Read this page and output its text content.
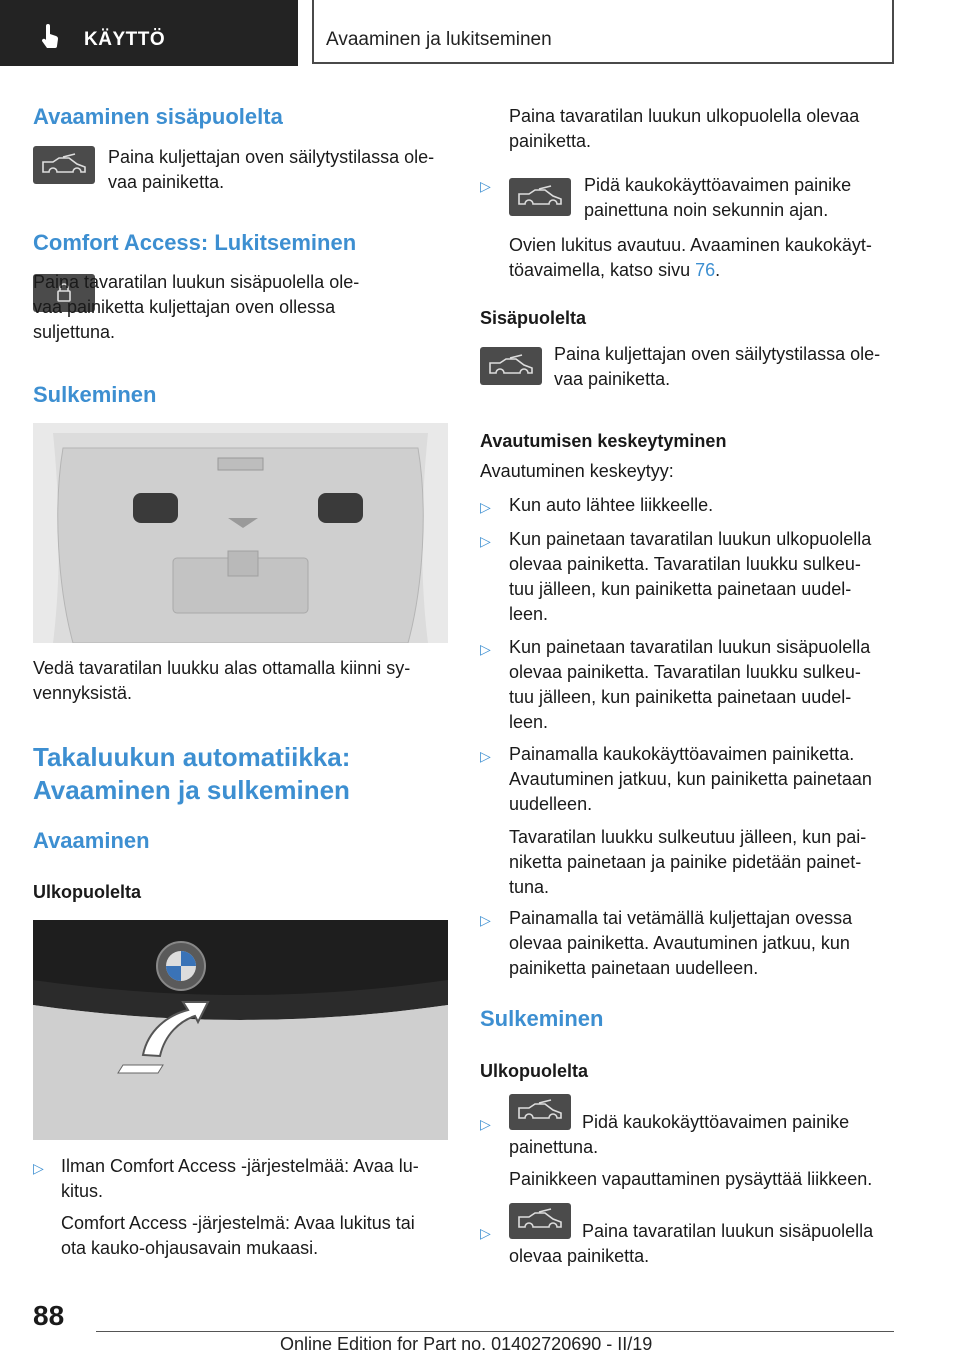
KÄYTTÖ	Avaaminen ja lukitseminen
Avaaminen sisäpuolelta
Paina kuljettajan oven säilytystilassa ole-
vaa painiketta.
Comfort Access: Lukitseminen
Paina tavaratilan luukun sisäpuolella ole-
vaa painiketta kuljettajan oven ollessa
suljettuna.
Sulkeminen
Vedä tavaratilan luukku alas ottamalla kiinni sy-
vennyksistä.
Takaluukun automatiikka:
Avaaminen ja sulkeminen
Avaaminen
Ulkopuolelta
▷ Ilman Comfort Access -järjestelmää: Avaa lu-
kitus.
Comfort Access -järjestelmä: Avaa lukitus tai
ota kauko-ohjausavain mukaasi.
Paina tavaratilan luukun ulkopuolella olevaa
painiketta.
▷	Pidä kaukokäyttöavaimen painike
painettuna noin sekunnin ajan.
Ovien lukitus avautuu. Avaaminen kaukokäyt-
töavaimella, katso sivu 76.
Sisäpuolelta
Paina kuljettajan oven säilytystilassa ole-
vaa painiketta.
Avautumisen keskeytyminen
Avautuminen keskeytyy:
▷ Kun auto lähtee liikkeelle.
▷ Kun painetaan tavaratilan luukun ulkopuolella
olevaa painiketta. Tavaratilan luukku sulkeu-
tuu jälleen, kun painiketta painetaan uudel-
leen.
▷ Kun painetaan tavaratilan luukun sisäpuolella
olevaa painiketta. Tavaratilan luukku sulkeu-
tuu jälleen, kun painiketta painetaan uudel-
leen.
▷ Painamalla kaukokäyttöavaimen painiketta.
Avautuminen jatkuu, kun painiketta painetaan
uudelleen.
Tavaratilan luukku sulkeutuu jälleen, kun pai-
niketta painetaan ja painike pidetään painet-
tuna.
▷ Painamalla tai vetämällä kuljettajan ovessa
olevaa painiketta. Avautuminen jatkuu, kun
painiketta painetaan uudelleen.
Sulkeminen
Ulkopuolelta
▷	Pidä kaukokäyttöavaimen painike
painettuna.
Painikkeen vapauttaminen pysäyttää liikkeen.
▷	Paina tavaratilan luukun sisäpuolella
olevaa painiketta.
88
Online Edition for Part no. 01402720690 - II/19
